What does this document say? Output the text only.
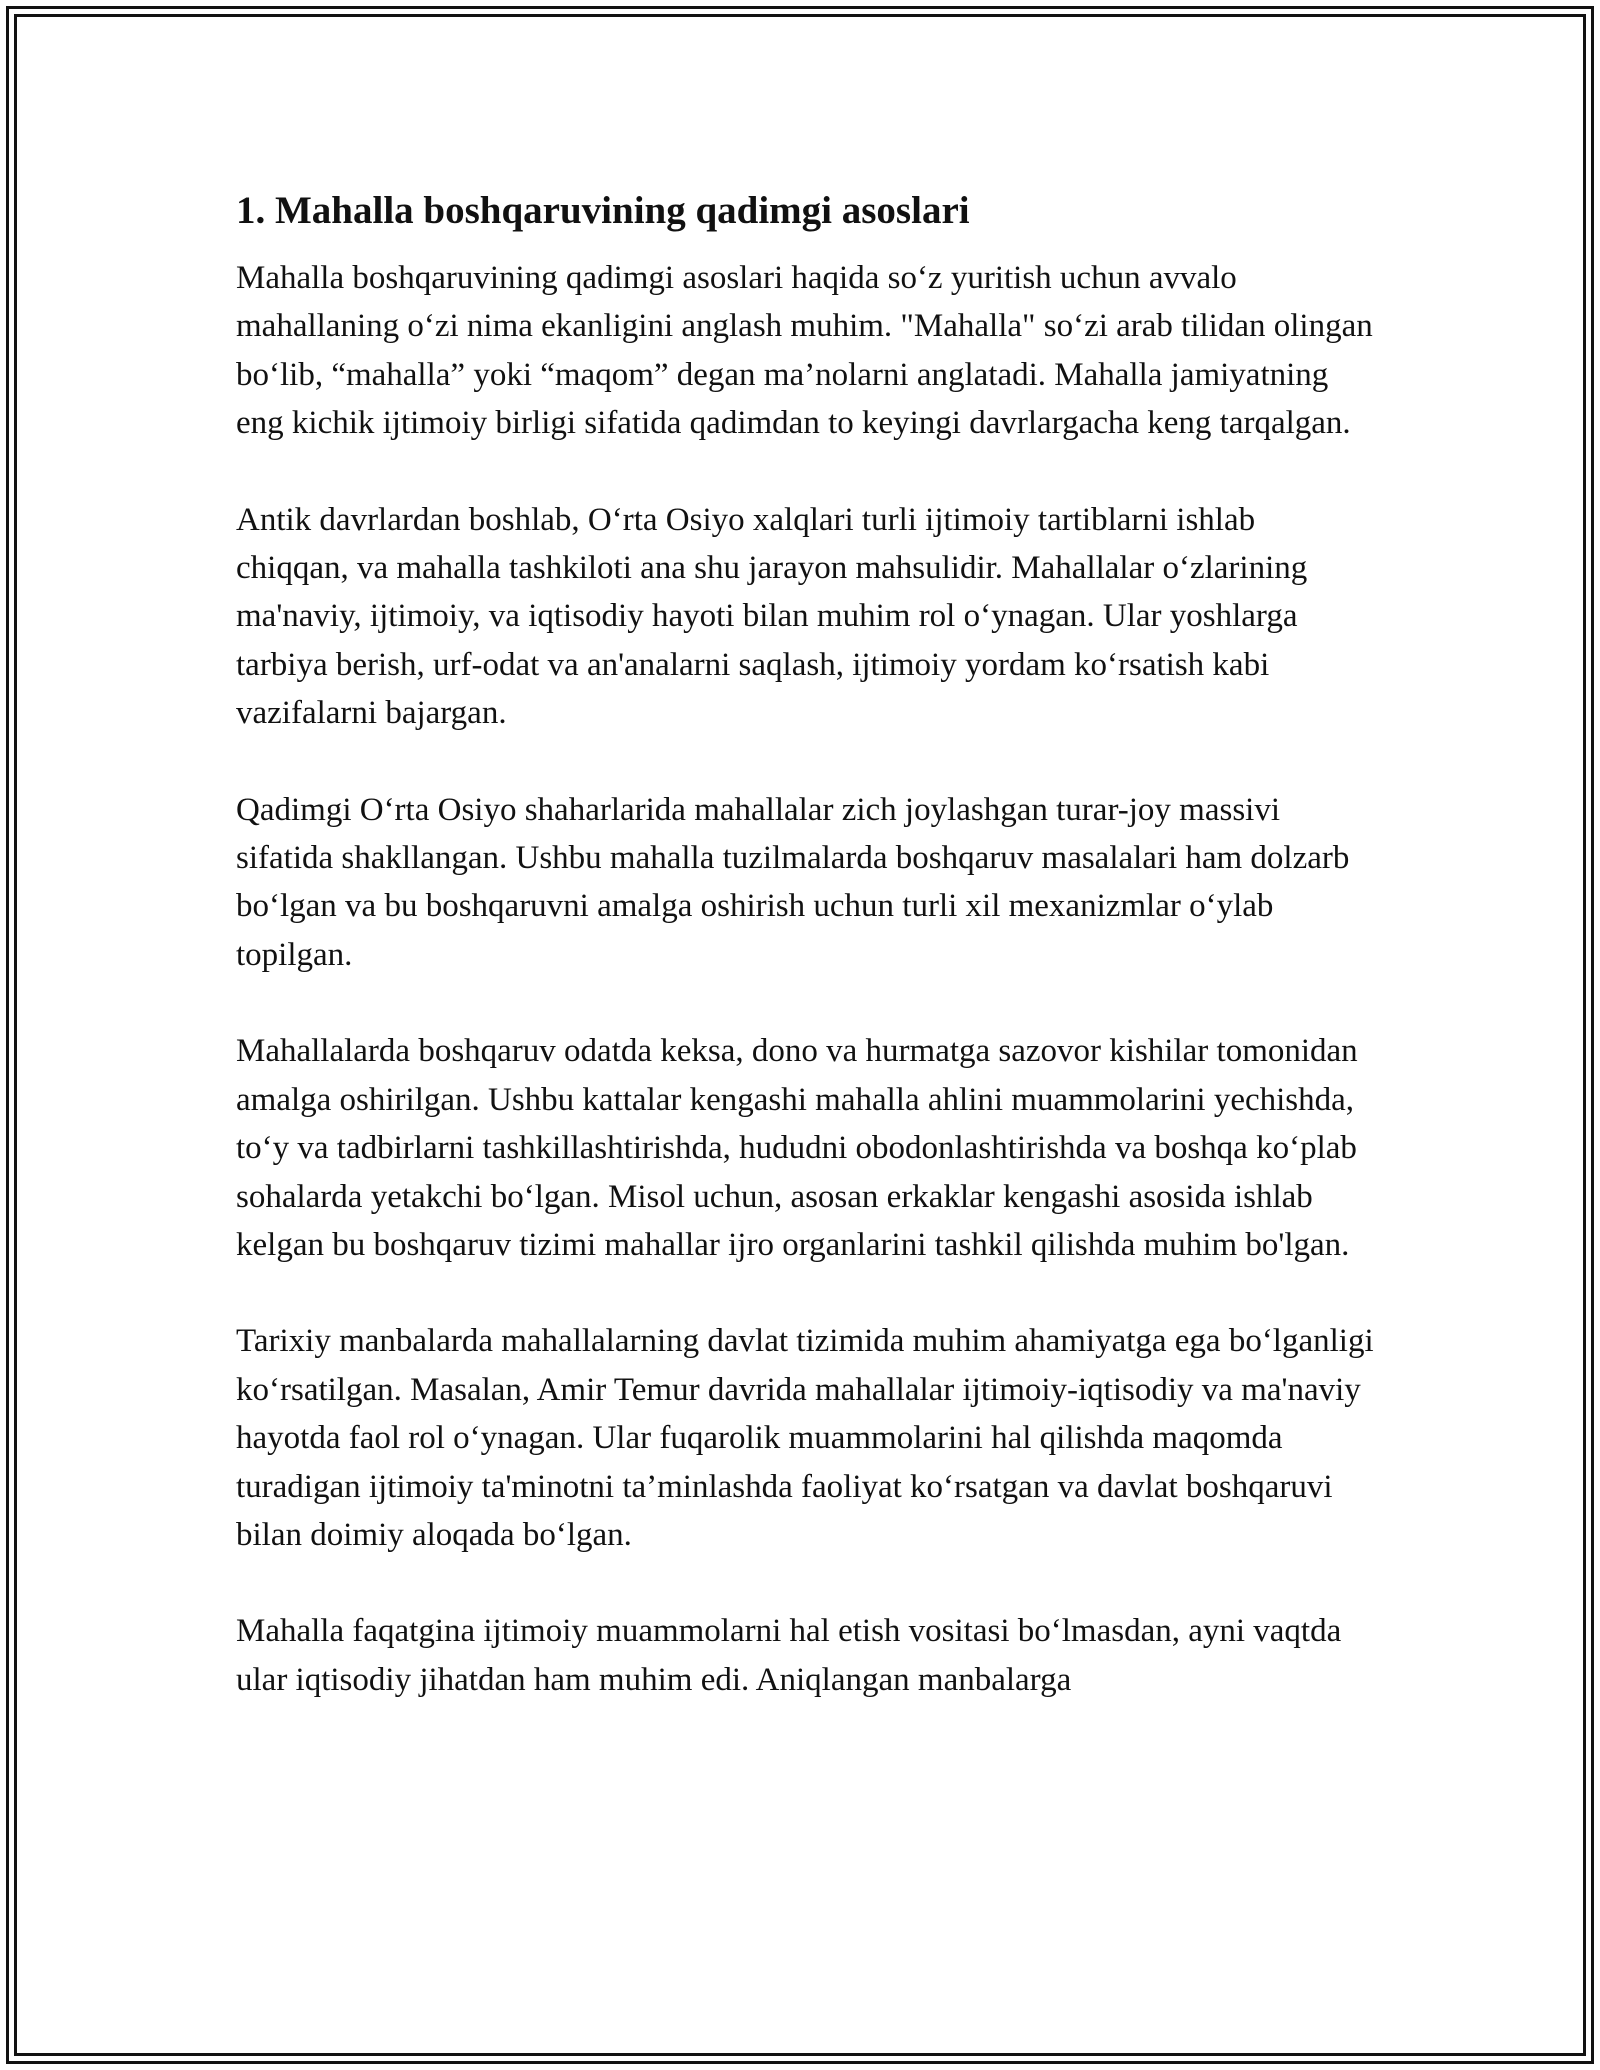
1. Mahalla boshqaruvining qadimgi asoslari

Mahalla boshqaruvining qadimgi asoslari haqida so‘z yuritish uchun avvalo mahallaning o‘zi nima ekanligini anglash muhim. "Mahalla" so‘zi arab tilidan olingan bo‘lib, “mahalla” yoki “maqom” degan ma’nolarni anglatadi. Mahalla jamiyatning eng kichik ijtimoiy birligi sifatida qadimdan to keyingi davrlargacha keng tarqalgan.

Antik davrlardan boshlab, O‘rta Osiyo xalqlari turli ijtimoiy tartiblarni ishlab chiqqan, va mahalla tashkiloti ana shu jarayon mahsulidir. Mahallalar o‘zlarining ma'naviy, ijtimoiy, va iqtisodiy hayoti bilan muhim rol o‘ynagan. Ular yoshlarga tarbiya berish, urf-odat va an'analarni saqlash, ijtimoiy yordam ko‘rsatish kabi vazifalarni bajargan.

Qadimgi O‘rta Osiyo shaharlarida mahallalar zich joylashgan turar-joy massivi sifatida shakllangan. Ushbu mahalla tuzilmalarda boshqaruv masalalari ham dolzarb bo‘lgan va bu boshqaruvni amalga oshirish uchun turli xil mexanizmlar o‘ylab topilgan.

Mahallalarda boshqaruv odatda keksa, dono va hurmatga sazovor kishilar tomonidan amalga oshirilgan. Ushbu kattalar kengashi mahalla ahlini muammolarini yechishda, to‘y va tadbirlarni tashkillashtirishda, hududni obodonlashtirishda va boshqa ko‘plab sohalarda yetakchi bo‘lgan. Misol uchun, asosan erkaklar kengashi asosida ishlab kelgan bu boshqaruv tizimi mahallar ijro organlarini tashkil qilishda muhim bo'lgan.

Tarixiy manbalarda mahallalarning davlat tizimida muhim ahamiyatga ega bo‘lganligi ko‘rsatilgan. Masalan, Amir Temur davrida mahallalar ijtimoiy-iqtisodiy va ma'naviy hayotda faol rol o‘ynagan. Ular fuqarolik muammolarini hal qilishda maqomda turadigan ijtimoiy ta'minotni ta’minlashda faoliyat ko‘rsatgan va davlat boshqaruvi bilan doimiy aloqada bo‘lgan.

Mahalla faqatgina ijtimoiy muammolarni hal etish vositasi bo‘lmasdan, ayni vaqtda ular iqtisodiy jihatdan ham muhim edi. Aniqlangan manbalarga
